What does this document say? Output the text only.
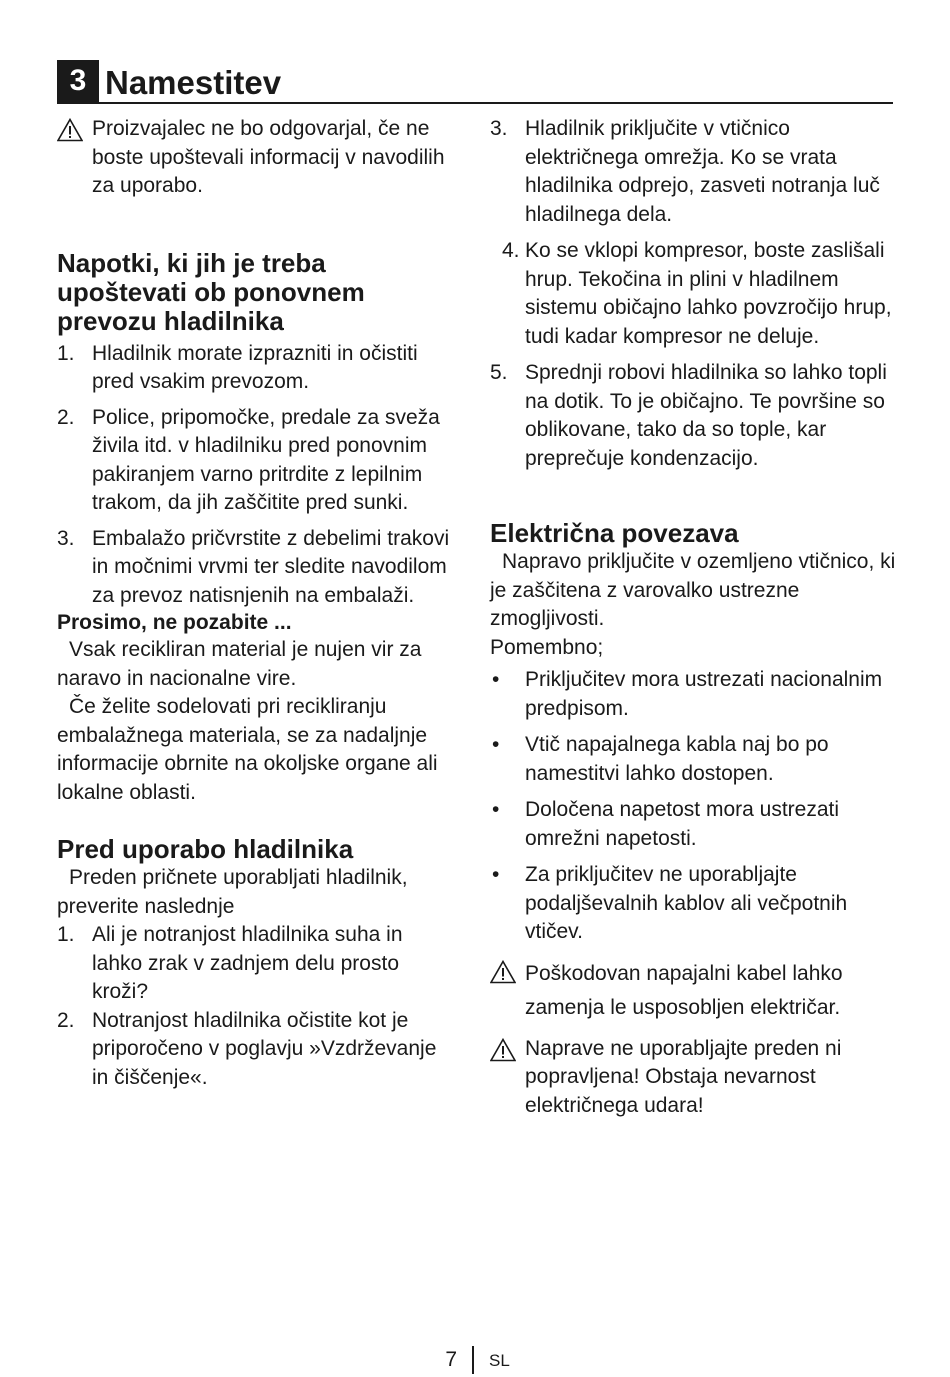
3 Namestitev
Proizvajalec ne bo odgovarjal, če ne boste upoštevali informacij v navodilih za uporabo.
Napotki, ki jih je treba upoštevati ob ponovnem prevozu hladilnika
1. Hladilnik morate izprazniti in očistiti pred vsakim prevozom.
2. Police, pripomočke, predale za sveža živila itd. v hladilniku pred ponovnim pakiranjem varno pritrdite z lepilnim trakom, da jih zaščitite pred sunki.
3. Embalažo pričvrstite z debelimi trakovi in močnimi vrvmi ter sledite navodilom za prevoz natisnjenih na embalaži.
Prosimo, ne pozabite ...
Vsak recikliran material je nujen vir za naravo in nacionalne vire.
Če želite sodelovati pri recikliranju embalažnega materiala, se za nadaljnje informacije obrnite na okoljske organe ali lokalne oblasti.
Pred uporabo hladilnika
Preden pričnete uporabljati hladilnik, preverite naslednje
1. Ali je notranjost hladilnika suha in lahko zrak v zadnjem delu prosto kroži?
2. Notranjost hladilnika očistite kot je priporočeno v poglavju »Vzdrževanje in čiščenje«.
3. Hladilnik priključite v vtičnico električnega omrežja. Ko se vrata hladilnika odprejo, zasveti notranja luč hladilnega dela.
4. Ko se vklopi kompresor, boste zaslišali hrup. Tekočina in plini v hladilnem sistemu običajno lahko povzročijo hrup, tudi kadar kompresor ne deluje.
5. Sprednji robovi hladilnika so lahko topli na dotik. To je običajno. Te površine so oblikovane, tako da so tople, kar preprečuje kondenzacijo.
Električna povezava
Napravo priključite v ozemljeno vtičnico, ki je zaščitena z varovalko ustrezne zmogljivosti.
Pomembno;
• Priključitev mora ustrezati nacionalnim predpisom.
• Vtič napajalnega kabla naj bo po namestitvi lahko dostopen.
• Določena napetost mora ustrezati omrežni napetosti.
• Za priključitev ne uporabljajte podaljševalnih kablov ali večpotnih vtičev.
Poškodovan napajalni kabel lahko zamenja le usposobljen električar.
Naprave ne uporabljajte preden ni popravljena! Obstaja nevarnost električnega udara!
7 SL
